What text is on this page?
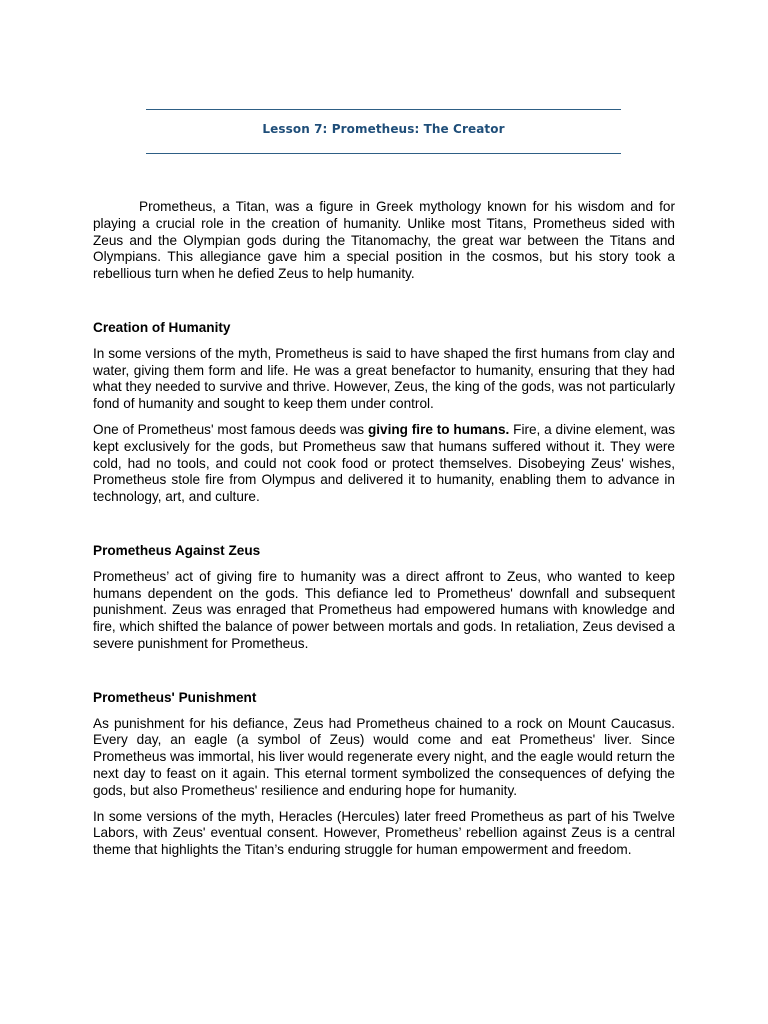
Lesson 7: Prometheus: The Creator

Prometheus, a Titan, was a figure in Greek mythology known for his wisdom and for playing a crucial role in the creation of humanity. Unlike most Titans, Prometheus sided with Zeus and the Olympian gods during the Titanomachy, the great war between the Titans and Olympians. This allegiance gave him a special position in the cosmos, but his story took a rebellious turn when he defied Zeus to help humanity.

Creation of Humanity

In some versions of the myth, Prometheus is said to have shaped the first humans from clay and water, giving them form and life. He was a great benefactor to humanity, ensuring that they had what they needed to survive and thrive. However, Zeus, the king of the gods, was not particularly fond of humanity and sought to keep them under control.

One of Prometheus' most famous deeds was giving fire to humans. Fire, a divine element, was kept exclusively for the gods, but Prometheus saw that humans suffered without it. They were cold, had no tools, and could not cook food or protect themselves. Disobeying Zeus' wishes, Prometheus stole fire from Olympus and delivered it to humanity, enabling them to advance in technology, art, and culture.

Prometheus Against Zeus

Prometheus’ act of giving fire to humanity was a direct affront to Zeus, who wanted to keep humans dependent on the gods. This defiance led to Prometheus' downfall and subsequent punishment. Zeus was enraged that Prometheus had empowered humans with knowledge and fire, which shifted the balance of power between mortals and gods. In retaliation, Zeus devised a severe punishment for Prometheus.

Prometheus' Punishment

As punishment for his defiance, Zeus had Prometheus chained to a rock on Mount Caucasus. Every day, an eagle (a symbol of Zeus) would come and eat Prometheus' liver. Since Prometheus was immortal, his liver would regenerate every night, and the eagle would return the next day to feast on it again. This eternal torment symbolized the consequences of defying the gods, but also Prometheus' resilience and enduring hope for humanity.

In some versions of the myth, Heracles (Hercules) later freed Prometheus as part of his Twelve Labors, with Zeus' eventual consent. However, Prometheus’ rebellion against Zeus is a central theme that highlights the Titan’s enduring struggle for human empowerment and freedom.
